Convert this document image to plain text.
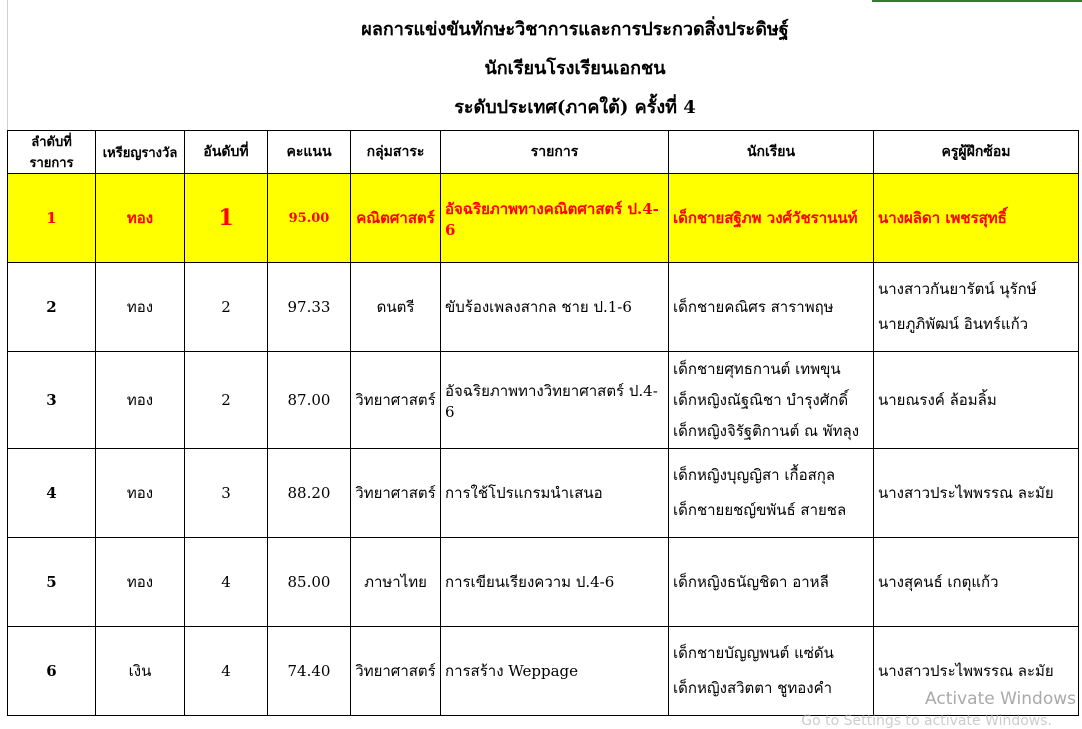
ผลการแข่งขันทักษะวิชาการและการประกวดสิ่งประดิษฐ์
นักเรียนโรงเรียนเอกชน
ระดับประเทศ(ภาคใต้) ครั้งที่ 4
ลำดับที่รายการ	เหรียญรางวัล	อันดับที่	คะแนน	กลุ่มสาระ	รายการ	นักเรียน	ครูผู้ฝึกซ้อม
1	ทอง	1	95.00	คณิตศาสตร์	อัจฉริยภาพทางคณิตศาสตร์ ป.4-6	เด็กชายสฐิภพ วงศ์วัชรานนท์	นางผลิดา เพชรสุทธิ์

2	ทอง	2	97.33	ดนตรี	ขับร้องเพลงสากล ชาย ป.1-6	เด็กชายคณิศร สาราพฤษ	นางสาวกันยารัตน์ นุรักษ์
นายภูภิพัฒน์ อินทร์แก้ว

3	ทอง	2	87.00	วิทยาศาสตร์	อัจฉริยภาพทางวิทยาศาสตร์ ป.4-6	เด็กชายศุทธกานต์ เทพขุน
เด็กหญิงณัฐณิชา บำรุงศักดิ์
เด็กหญิงจิรัฐติกานต์ ณ พัทลุง	นายณรงค์ ล้อมลิ้ม

4	ทอง	3	88.20	วิทยาศาสตร์	การใช้โปรแกรมนำเสนอ	เด็กหญิงบุญญิสา เกื้อสกุล
เด็กชายยชญ์ขพันธ์ สายชล	นางสาวประไพพรรณ ละมัย

5	ทอง	4	85.00	ภาษาไทย	การเขียนเรียงความ ป.4-6	เด็กหญิงธนัญชิดา อาหลี	นางสุคนธ์ เกตุแก้ว

6	เงิน	4	74.40	วิทยาศาสตร์	การสร้าง Weppage	เด็กชายบัญญพนต์ แซ่ดัน
เด็กหญิงสวิตตา ชูทองคำ	นางสาวประไพพรรณ ละมัย
Activate Windows
Go to Settings to activate Windows.
